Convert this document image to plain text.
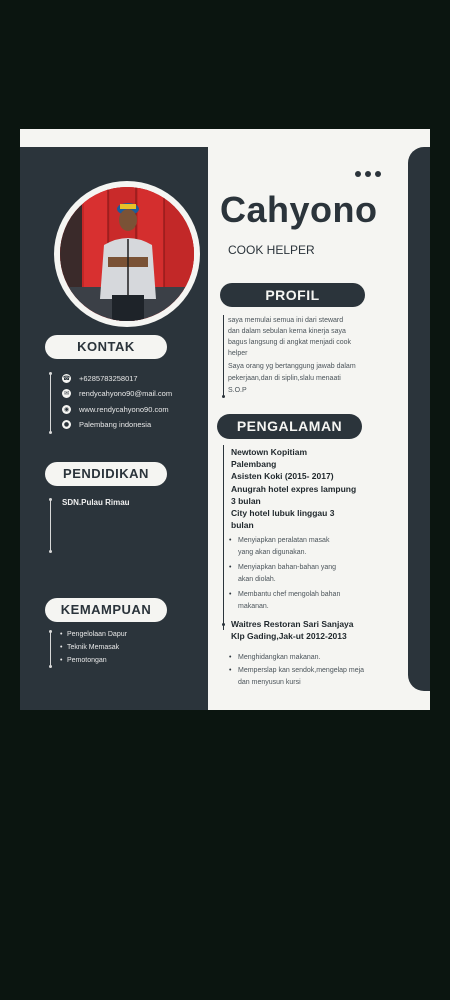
Cahyono
COOK HELPER
KONTAK
☎ +6285783258017
✉ rendycahyono90@mail.com
◉ www.rendycahyono90.com
● Palembang indonesia
PENDIDIKAN
SDN.Pulau Rimau
KEMAMPUAN
• Pengelolaan Dapur
• Teknik Memasak
• Pemotongan
PROFIL
saya memulai semua ini dari steward
dan dalam sebulan kerna kinerja saya
bagus langsung di angkat menjadi cook
helper
Saya orang yg bertanggung jawab dalam
pekerjaan,dan di siplin,slalu menaati
S.O.P
PENGALAMAN
Newtown Kopitiam
Palembang
Asisten Koki (2015- 2017)
Anugrah hotel expres lampung
3 bulan
City hotel lubuk linggau 3
bulan
• Menyiapkan peralatan masak
yang akan digunakan.
• Menyiapkan bahan-bahan yang
akan diolah.
• Membantu chef mengolah bahan
makanan.
Waitres Restoran Sari Sanjaya
Klp Gading,Jak-ut 2012-2013
• Menghidangkan makanan.
• Memperslap kan sendok,mengelap meja
dan menyusun kursi
